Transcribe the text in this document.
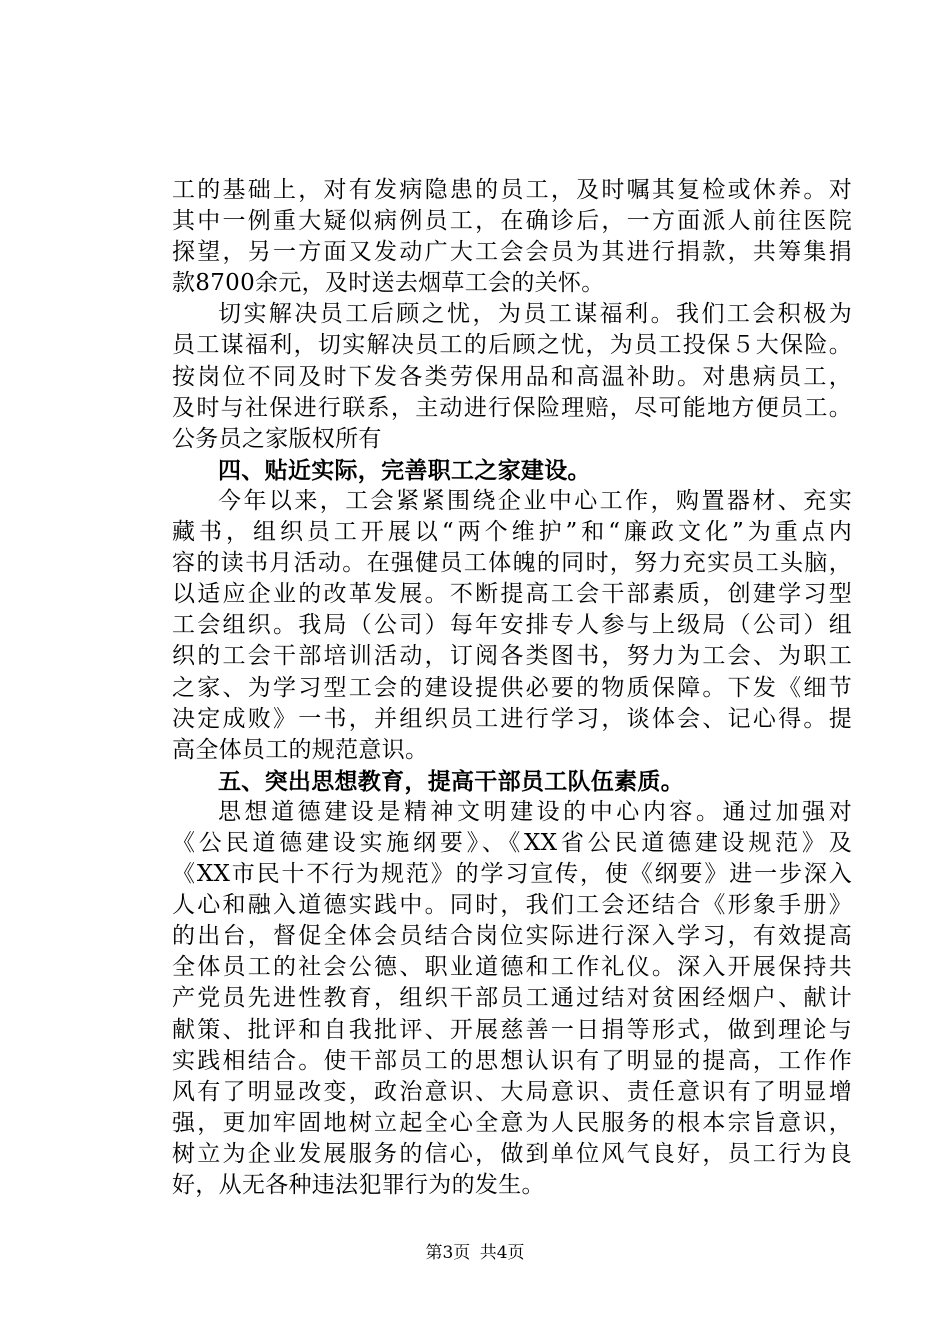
工的基础上，对有发病隐患的员工，及时嘱其复检或休养。对
其中一例重大疑似病例员工，在确诊后，一方面派人前往医院
探望，另一方面又发动广大工会会员为其进行捐款，共筹集捐
款8700余元，及时送去烟草工会的关怀。
切实解决员工后顾之忧，为员工谋福利。我们工会积极为
员工谋福利，切实解决员工的后顾之忧，为员工投保５大保险。
按岗位不同及时下发各类劳保用品和高温补助。对患病员工，
及时与社保进行联系，主动进行保险理赔，尽可能地方便员工。
公务员之家版权所有
四、贴近实际，完善职工之家建设。
今年以来，工会紧紧围绕企业中心工作，购置器材、充实
藏书，组织员工开展以“两个维护”和“廉政文化”为重点内
容的读书月活动。在强健员工体魄的同时，努力充实员工头脑，
以适应企业的改革发展。不断提高工会干部素质，创建学习型
工会组织。我局（公司）每年安排专人参与上级局（公司）组
织的工会干部培训活动，订阅各类图书，努力为工会、为职工
之家、为学习型工会的建设提供必要的物质保障。下发《细节
决定成败》一书，并组织员工进行学习，谈体会、记心得。提
高全体员工的规范意识。
五、突出思想教育，提高干部员工队伍素质。
思想道德建设是精神文明建设的中心内容。通过加强对
《公民道德建设实施纲要》、《XX省公民道德建设规范》及
《XX市民十不行为规范》的学习宣传，使《纲要》进一步深入
人心和融入道德实践中。同时，我们工会还结合《形象手册》
的出台，督促全体会员结合岗位实际进行深入学习，有效提高
全体员工的社会公德、职业道德和工作礼仪。深入开展保持共
产党员先进性教育，组织干部员工通过结对贫困经烟户、献计
献策、批评和自我批评、开展慈善一日捐等形式，做到理论与
实践相结合。使干部员工的思想认识有了明显的提高，工作作
风有了明显改变，政治意识、大局意识、责任意识有了明显增
强，更加牢固地树立起全心全意为人民服务的根本宗旨意识，
树立为企业发展服务的信心，做到单位风气良好，员工行为良
好，从无各种违法犯罪行为的发生。
第3页 共4页
